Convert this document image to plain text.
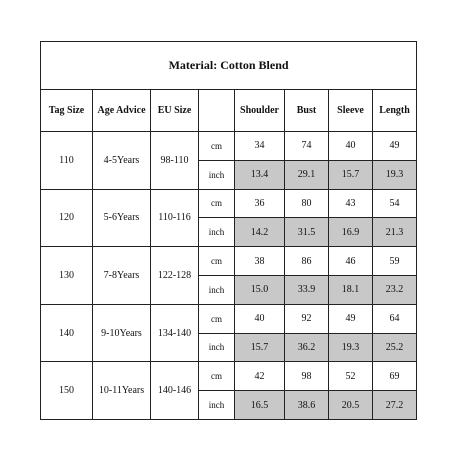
Material: Cotton Blend							
Tag Size	Age Advice	EU Size		Shoulder	Bust	Sleeve	Length
110	4-5Years	98-110	cm	34	74	40	49
			inch	13.4	29.1	15.7	19.3
120	5-6Years	110-116	cm	36	80	43	54
			inch	14.2	31.5	16.9	21.3
130	7-8Years	122-128	cm	38	86	46	59
			inch	15.0	33.9	18.1	23.2
140	9-10Years	134-140	cm	40	92	49	64
			inch	15.7	36.2	19.3	25.2
150	10-11Years	140-146	cm	42	98	52	69
			inch	16.5	38.6	20.5	27.2
